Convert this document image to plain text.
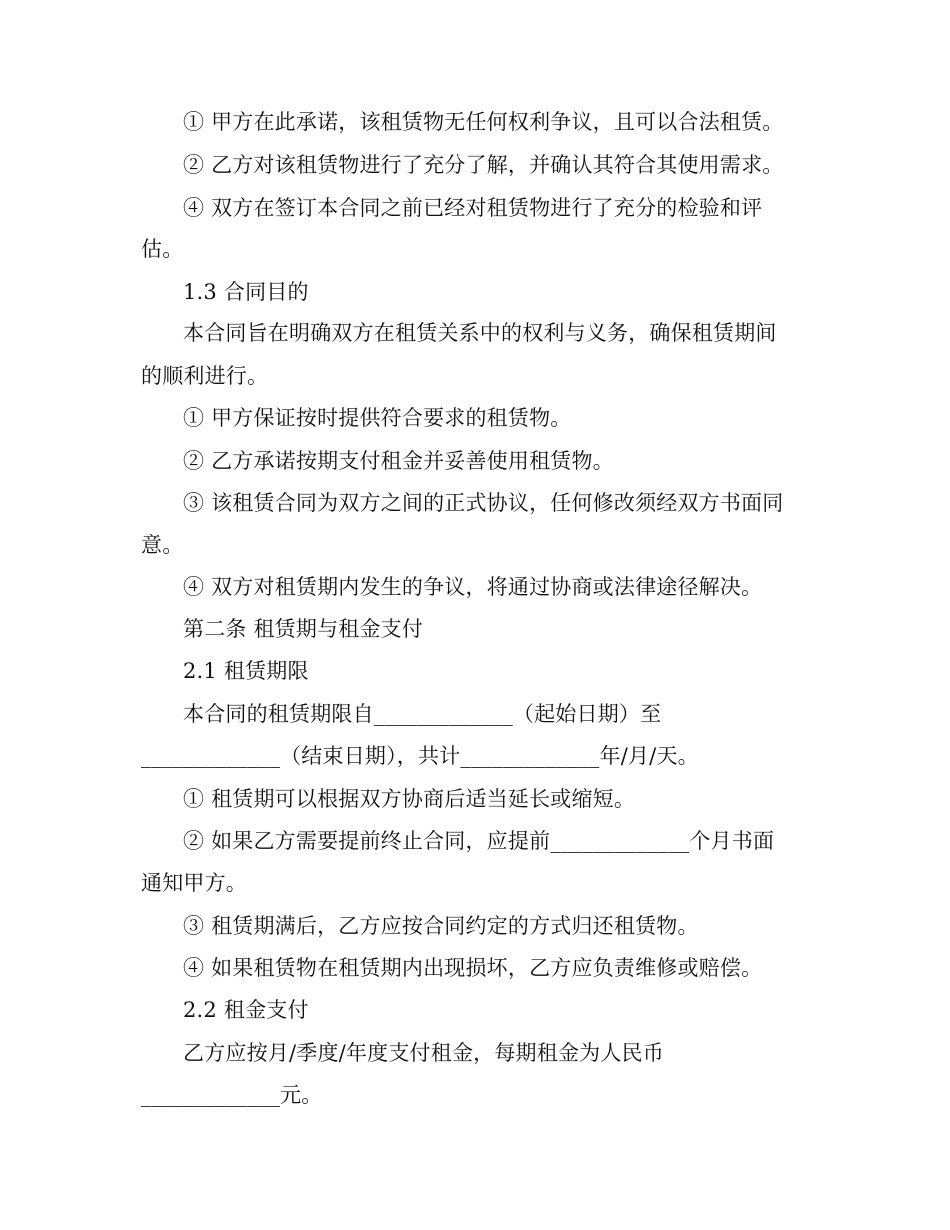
① 甲方在此承诺，该租赁物无任何权利争议，且可以合法租赁。
② 乙方对该租赁物进行了充分了解，并确认其符合其使用需求。
④ 双方在签订本合同之前已经对租赁物进行了充分的检验和评
估。
1.3 合同目的
本合同旨在明确双方在租赁关系中的权利与义务，确保租赁期间
的顺利进行。
① 甲方保证按时提供符合要求的租赁物。
② 乙方承诺按期支付租金并妥善使用租赁物。
③ 该租赁合同为双方之间的正式协议，任何修改须经双方书面同
意。
④ 双方对租赁期内发生的争议，将通过协商或法律途径解决。
第二条 租赁期与租金支付
2.1 租赁期限
本合同的租赁期限自_____________（起始日期）至
_____________（结束日期），共计_____________年/月/天。
① 租赁期可以根据双方协商后适当延长或缩短。
② 如果乙方需要提前终止合同，应提前_____________个月书面
通知甲方。
③ 租赁期满后，乙方应按合同约定的方式归还租赁物。
④ 如果租赁物在租赁期内出现损坏，乙方应负责维修或赔偿。
2.2 租金支付
乙方应按月/季度/年度支付租金，每期租金为人民币
_____________元。
